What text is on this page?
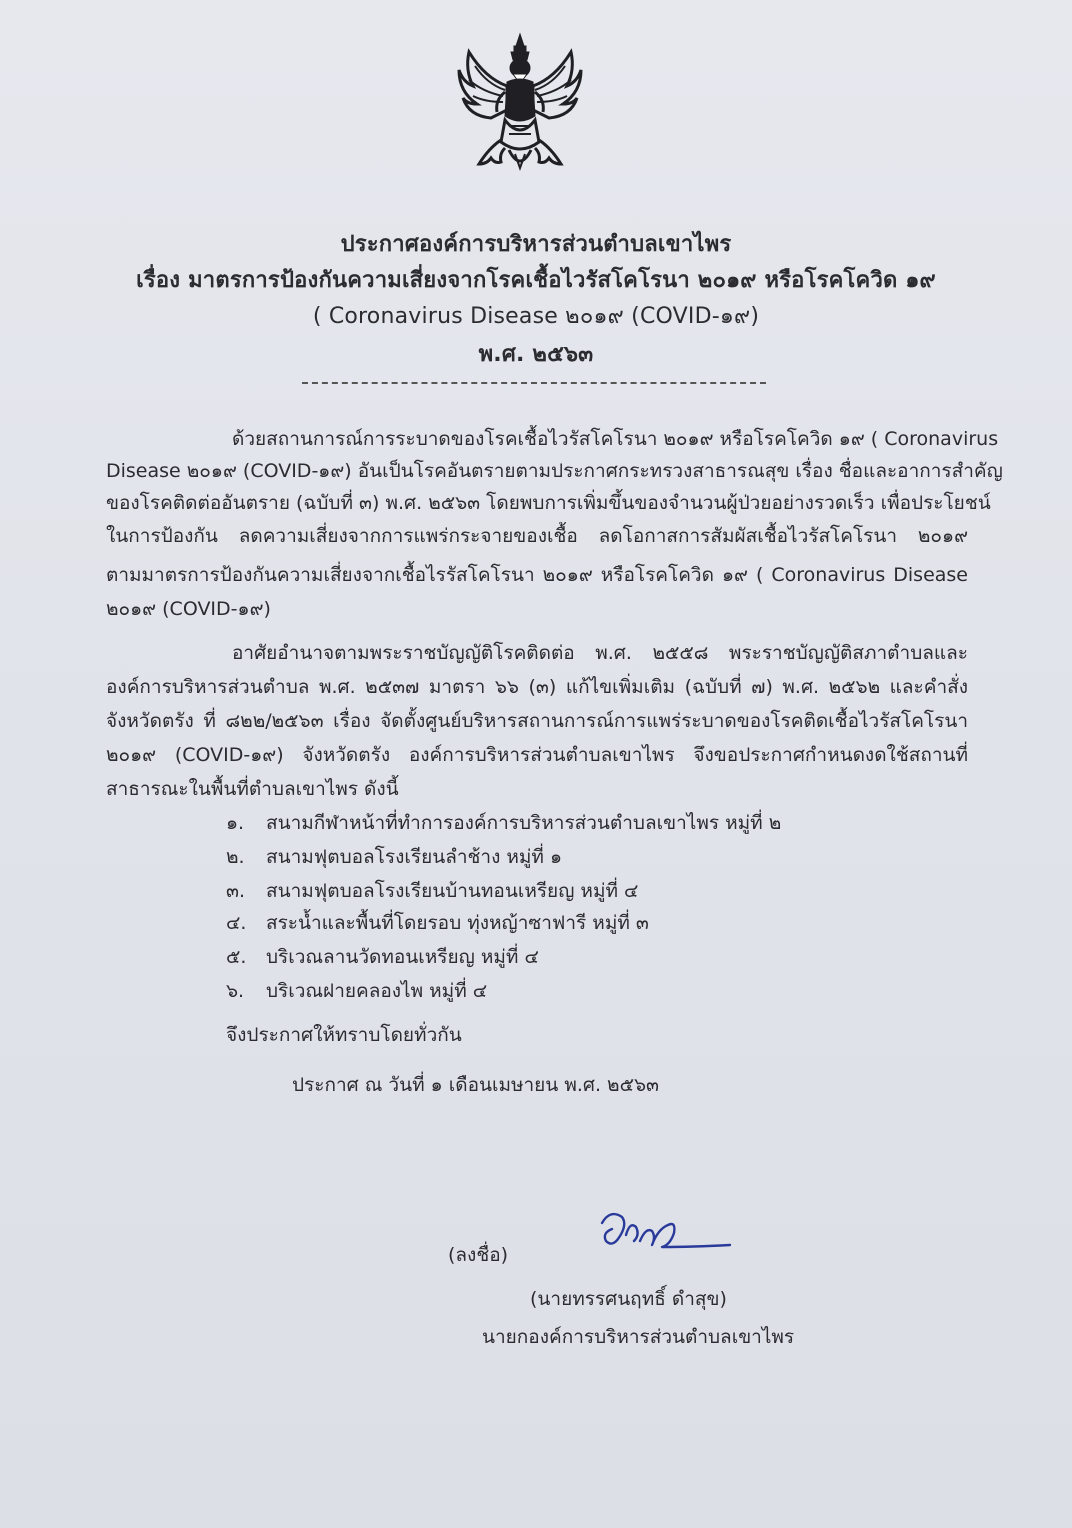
ประกาศองค์การบริหารส่วนตำบลเขาไพร
เรื่อง มาตรการป้องกันความเสี่ยงจากโรคเชื้อไวรัสโคโรนา ๒๐๑๙ หรือโรคโควิด ๑๙
( Coronavirus Disease ๒๐๑๙ (COVID-๑๙)
พ.ศ. ๒๕๖๓
ด้วยสถานการณ์การระบาดของโรคเชื้อไวรัสโคโรนา ๒๐๑๙ หรือโรคโควิด ๑๙ ( Coronavirus
Disease ๒๐๑๙ (COVID-๑๙) อันเป็นโรคอันตรายตามประกาศกระทรวงสาธารณสุข เรื่อง ชื่อและอาการสำคัญ
ของโรคติดต่ออันตราย (ฉบับที่ ๓) พ.ศ. ๒๕๖๓ โดยพบการเพิ่มขึ้นของจำนวนผู้ป่วยอย่างรวดเร็ว เพื่อประโยชน์
ในการป้องกัน ลดความเสี่ยงจากการแพร่กระจายของเชื้อ ลดโอกาสการสัมผัสเชื้อไวรัสโคโรนา ๒๐๑๙
ตามมาตรการป้องกันความเสี่ยงจากเชื้อไรรัสโคโรนา ๒๐๑๙ หรือโรคโควิด ๑๙ ( Coronavirus Disease
๒๐๑๙ (COVID-๑๙)
อาศัยอำนาจตามพระราชบัญญัติโรคติดต่อ พ.ศ. ๒๕๕๘ พระราชบัญญัติสภาตำบลและ
องค์การบริหารส่วนตำบล พ.ศ. ๒๕๓๗ มาตรา ๖๖ (๓) แก้ไขเพิ่มเติม (ฉบับที่ ๗) พ.ศ. ๒๕๖๒ และคำสั่ง
จังหวัดตรัง ที่ ๘๒๒/๒๕๖๓ เรื่อง จัดตั้งศูนย์บริหารสถานการณ์การแพร่ระบาดของโรคติดเชื้อไวรัสโคโรนา
๒๐๑๙ (COVID-๑๙) จังหวัดตรัง องค์การบริหารส่วนตำบลเขาไพร จึงขอประกาศกำหนดงดใช้สถานที่
สาธารณะในพื้นที่ตำบลเขาไพร ดังนี้
๑. สนามกีฬาหน้าที่ทำการองค์การบริหารส่วนตำบลเขาไพร หมู่ที่ ๒
๒. สนามฟุตบอลโรงเรียนลำช้าง หมู่ที่ ๑
๓. สนามฟุตบอลโรงเรียนบ้านทอนเหรียญ หมู่ที่ ๔
๔. สระน้ำและพื้นที่โดยรอบ ทุ่งหญ้าซาฟารี หมู่ที่ ๓
๕. บริเวณลานวัดทอนเหรียญ หมู่ที่ ๔
๖. บริเวณฝายคลองไพ หมู่ที่ ๔
จึงประกาศให้ทราบโดยทั่วกัน
ประกาศ ณ วันที่ ๑ เดือนเมษายน พ.ศ. ๒๕๖๓
(ลงชื่อ)
(นายทรรศนฤทธิ์ ดำสุข)
นายกองค์การบริหารส่วนตำบลเขาไพร
